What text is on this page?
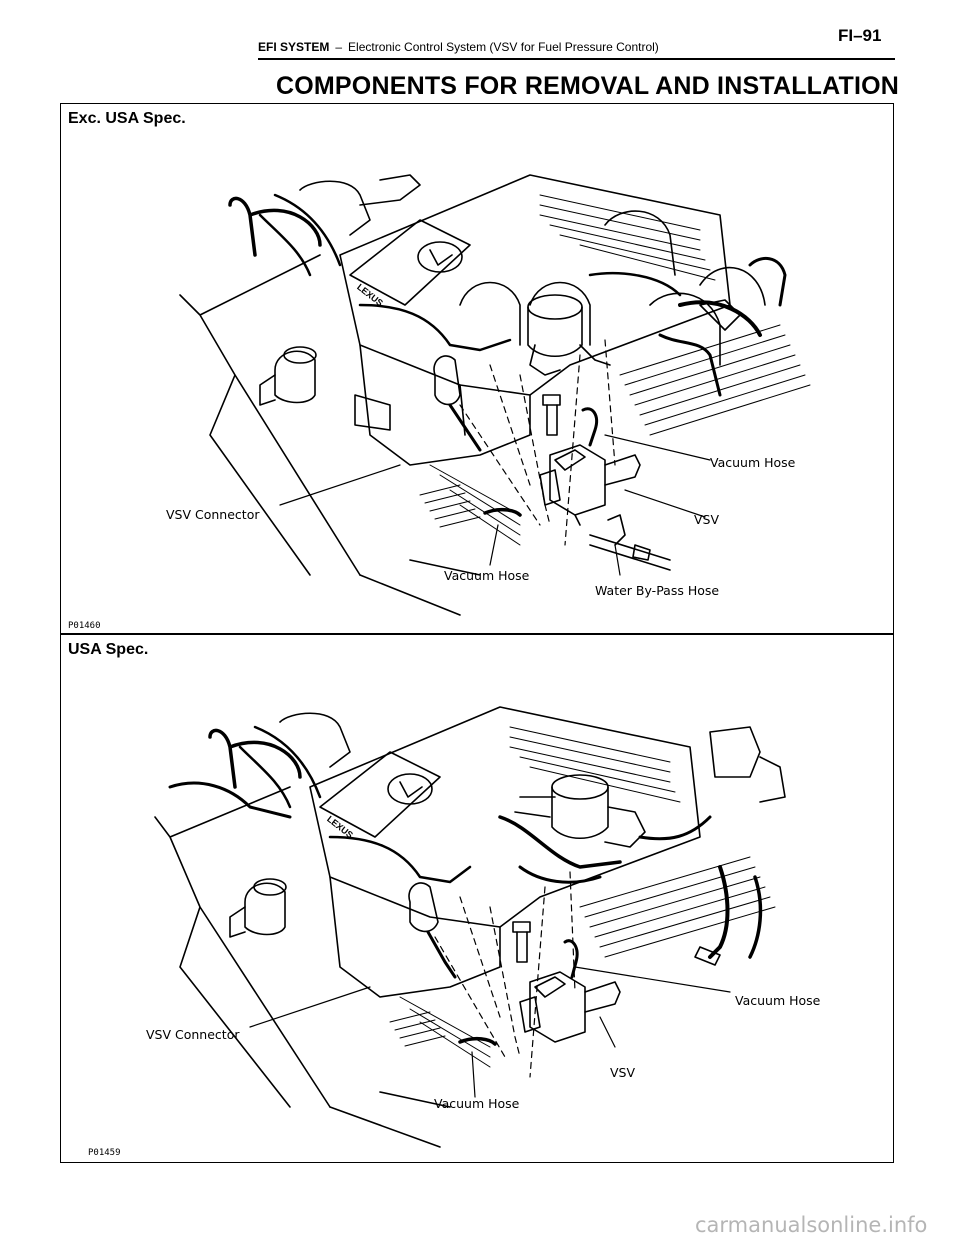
EFI SYSTEM – Electronic Control System (VSV for Fuel Pressure Control)
FI–91
COMPONENTS FOR REMOVAL AND INSTALLATION
Exc. USA Spec.
Vacuum Hose
VSV Connector	VSV
Vacuum Hose
Water By-Pass Hose
P01460
USA Spec.
Vacuum Hose
VSV Connector
VSV
Vacuum Hose
P01459
LEXUS
LEXUS
carmanualsonline.info
